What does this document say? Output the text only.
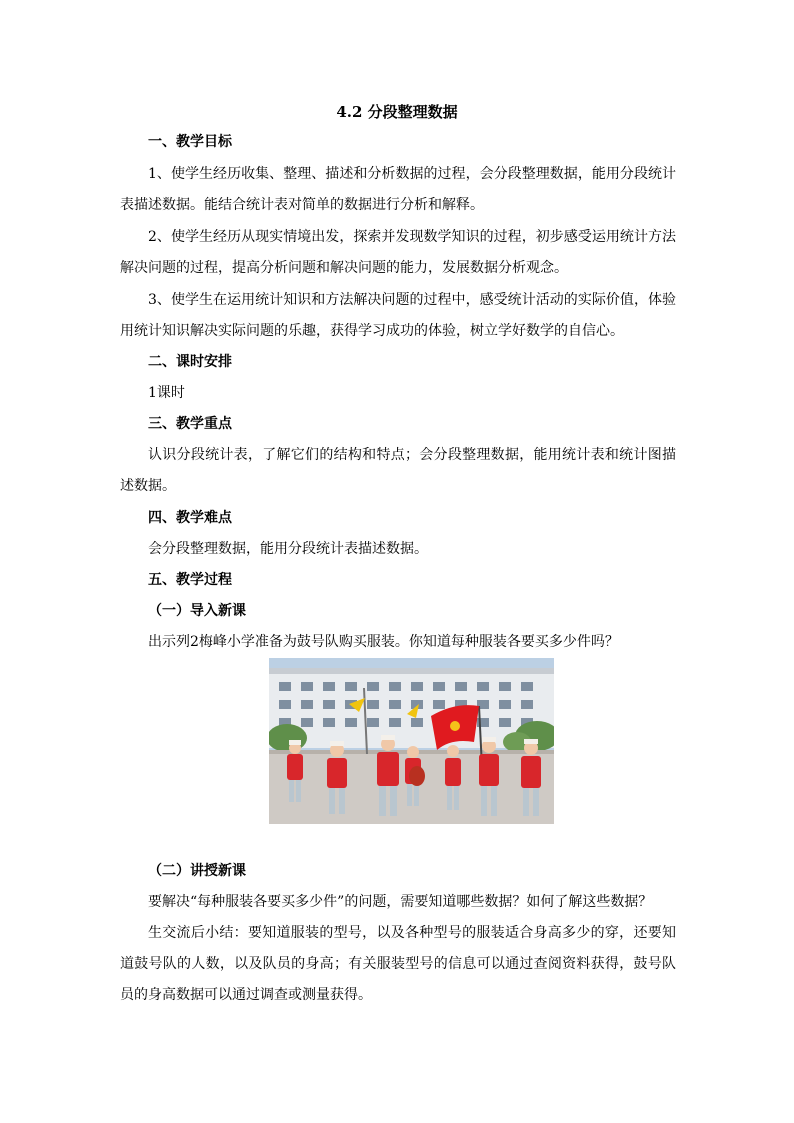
4.2 分段整理数据
一、教学目标
1、使学生经历收集、整理、描述和分析数据的过程，会分段整理数据，能用分段统计表描述数据。能结合统计表对简单的数据进行分析和解释。
2、使学生经历从现实情境出发，探索并发现数学知识的过程，初步感受运用统计方法解决问题的过程，提高分析问题和解决问题的能力，发展数据分析观念。
3、使学生在运用统计知识和方法解决问题的过程中，感受统计活动的实际价值，体验用统计知识解决实际问题的乐趣，获得学习成功的体验，树立学好数学的自信心。
二、课时安排
1课时
三、教学重点
认识分段统计表，了解它们的结构和特点；会分段整理数据，能用统计表和统计图描述数据。
四、教学难点
会分段整理数据，能用分段统计表描述数据。
五、教学过程
（一）导入新课
出示列2梅峰小学准备为鼓号队购买服装。你知道每种服装各要买多少件吗？
（二）讲授新课
要解决“每种服装各要买多少件”的问题，需要知道哪些数据？如何了解这些数据？
生交流后小结：要知道服装的型号，以及各种型号的服装适合身高多少的穿，还要知道鼓号队的人数，以及队员的身高；有关服装型号的信息可以通过查阅资料获得，鼓号队员的身高数据可以通过调查或测量获得。
